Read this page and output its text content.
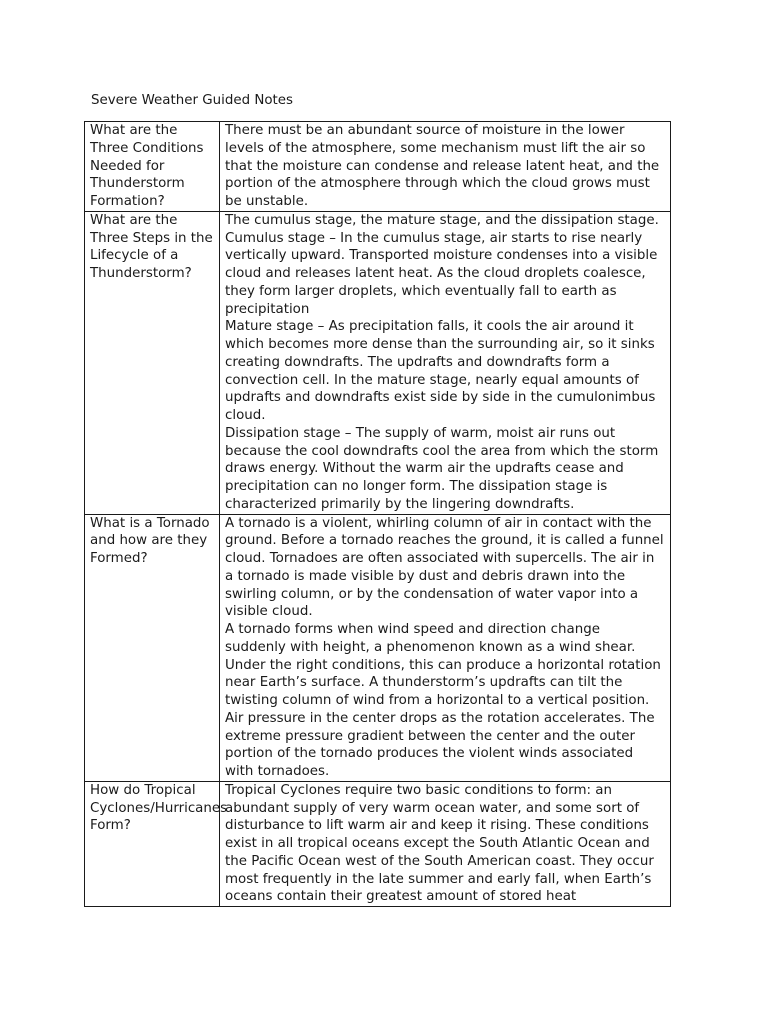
Severe Weather Guided Notes
What are the Three Conditions Needed for Thunderstorm Formation?	There must be an abundant source of moisture in the lower levels of the atmosphere, some mechanism must lift the air so that the moisture can condense and release latent heat, and the portion of the atmosphere through which the cloud grows must be unstable.

What are the Three Steps in the Lifecycle of a Thunderstorm?	The cumulus stage, the mature stage, and the dissipation stage.

Cumulus stage – In the cumulus stage, air starts to rise nearly vertically upward. Transported moisture condenses into a visible cloud and releases latent heat. As the cloud droplets coalesce, they form larger droplets, which eventually fall to earth as precipitation

Mature stage – As precipitation falls, it cools the air around it which becomes more dense than the surrounding air, so it sinks creating downdrafts. The updrafts and downdrafts form a convection cell. In the mature stage, nearly equal amounts of updrafts and downdrafts exist side by side in the cumulonimbus cloud.

Dissipation stage – The supply of warm, moist air runs out because the cool downdrafts cool the area from which the storm draws energy. Without the warm air the updrafts cease and precipitation can no longer form. The dissipation stage is characterized primarily by the lingering downdrafts.

What is a Tornado and how are they Formed?	A tornado is a violent, whirling column of air in contact with the ground. Before a tornado reaches the ground, it is called a funnel cloud. Tornadoes are often associated with supercells. The air in a tornado is made visible by dust and debris drawn into the swirling column, or by the condensation of water vapor into a visible cloud.

A tornado forms when wind speed and direction change suddenly with height, a phenomenon known as a wind shear. Under the right conditions, this can produce a horizontal rotation near Earth’s surface. A thunderstorm’s updrafts can tilt the twisting column of wind from a horizontal to a vertical position. Air pressure in the center drops as the rotation accelerates. The extreme pressure gradient between the center and the outer portion of the tornado produces the violent winds associated with tornadoes.

How do Tropical Cyclones/Hurricanes Form?	Tropical Cyclones require two basic conditions to form: an abundant supply of very warm ocean water, and some sort of disturbance to lift warm air and keep it rising. These conditions exist in all tropical oceans except the South Atlantic Ocean and the Pacific Ocean west of the South American coast. They occur most frequently in the late summer and early fall, when Earth’s oceans contain their greatest amount of stored heat
